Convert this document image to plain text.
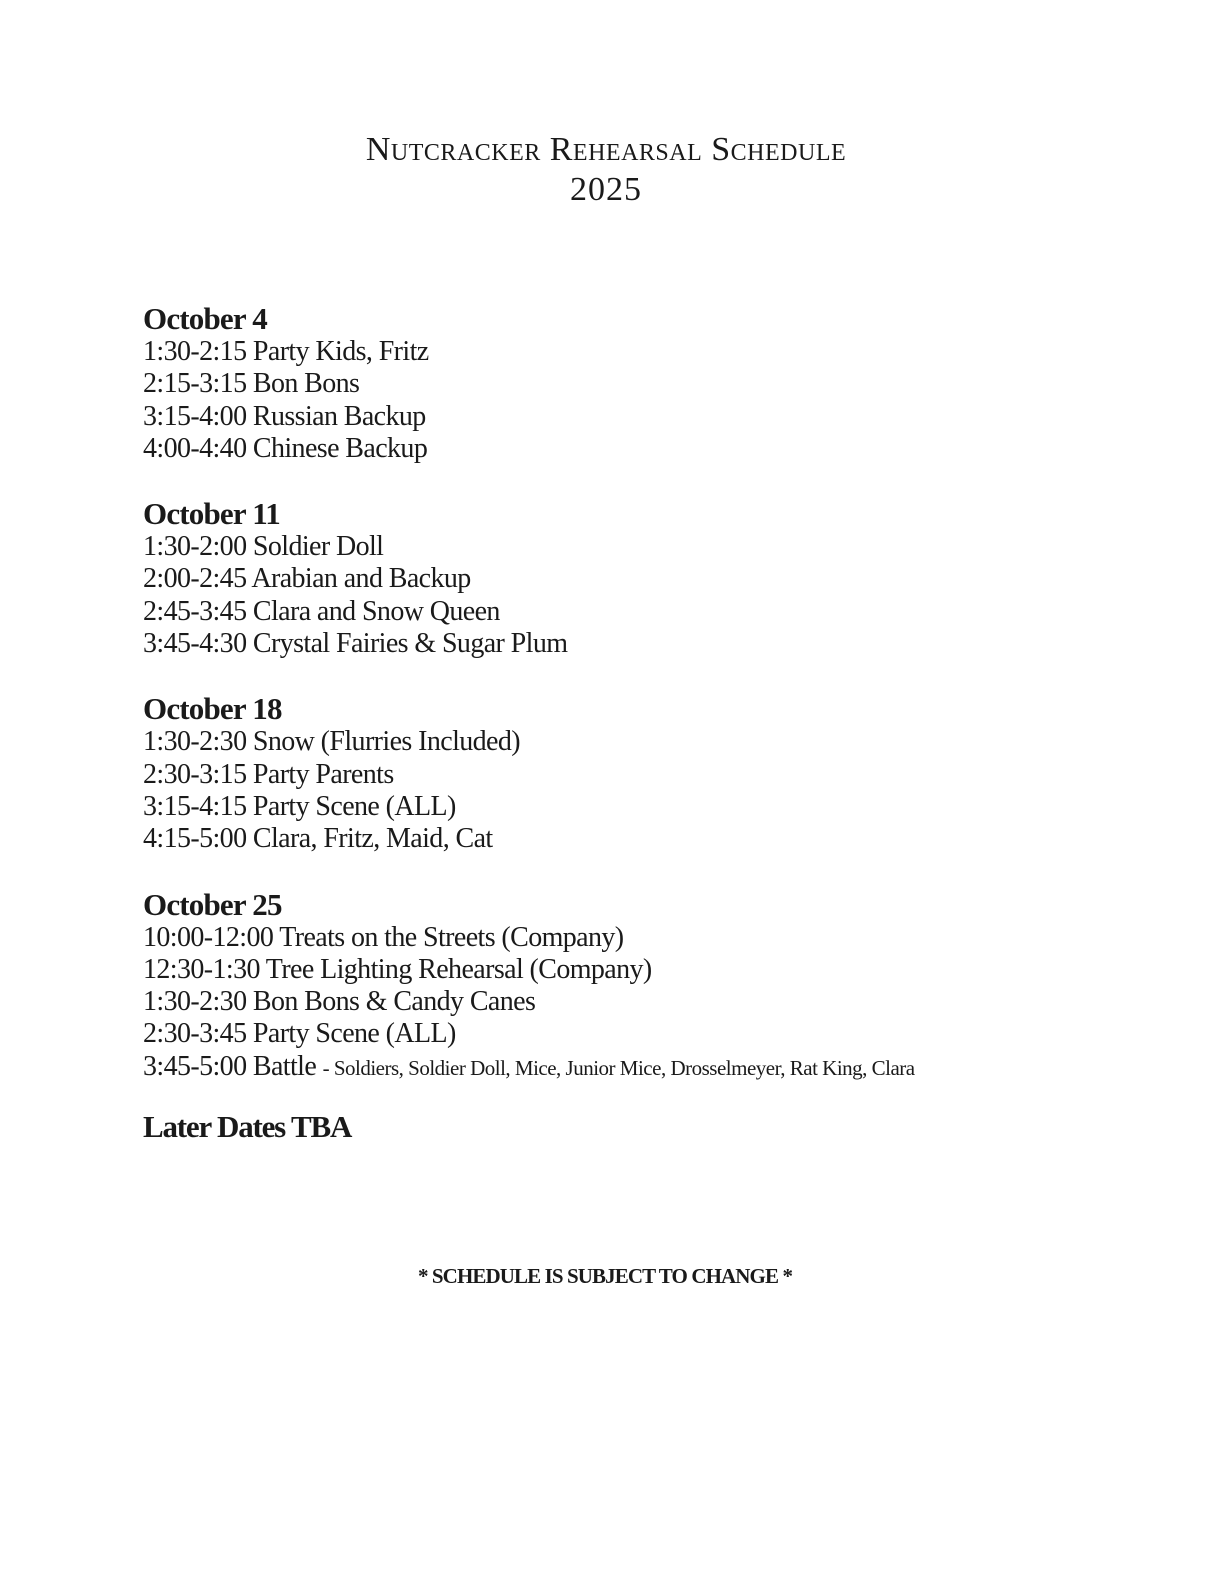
Nutcracker Rehearsal Schedule
2025
October 4
1:30-2:15 Party Kids, Fritz
2:15-3:15 Bon Bons
3:15-4:00 Russian Backup
4:00-4:40 Chinese Backup
October 11
1:30-2:00 Soldier Doll
2:00-2:45 Arabian and Backup
2:45-3:45 Clara and Snow Queen
3:45-4:30 Crystal Fairies & Sugar Plum
October 18
1:30-2:30 Snow (Flurries Included)
2:30-3:15 Party Parents
3:15-4:15 Party Scene (ALL)
4:15-5:00 Clara, Fritz, Maid, Cat
October 25
10:00-12:00 Treats on the Streets (Company)
12:30-1:30 Tree Lighting Rehearsal (Company)
1:30-2:30 Bon Bons & Candy Canes
2:30-3:45 Party Scene (ALL)
3:45-5:00 Battle - Soldiers, Soldier Doll, Mice, Junior Mice, Drosselmeyer, Rat King, Clara
Later Dates TBA
* SCHEDULE IS SUBJECT TO CHANGE *
